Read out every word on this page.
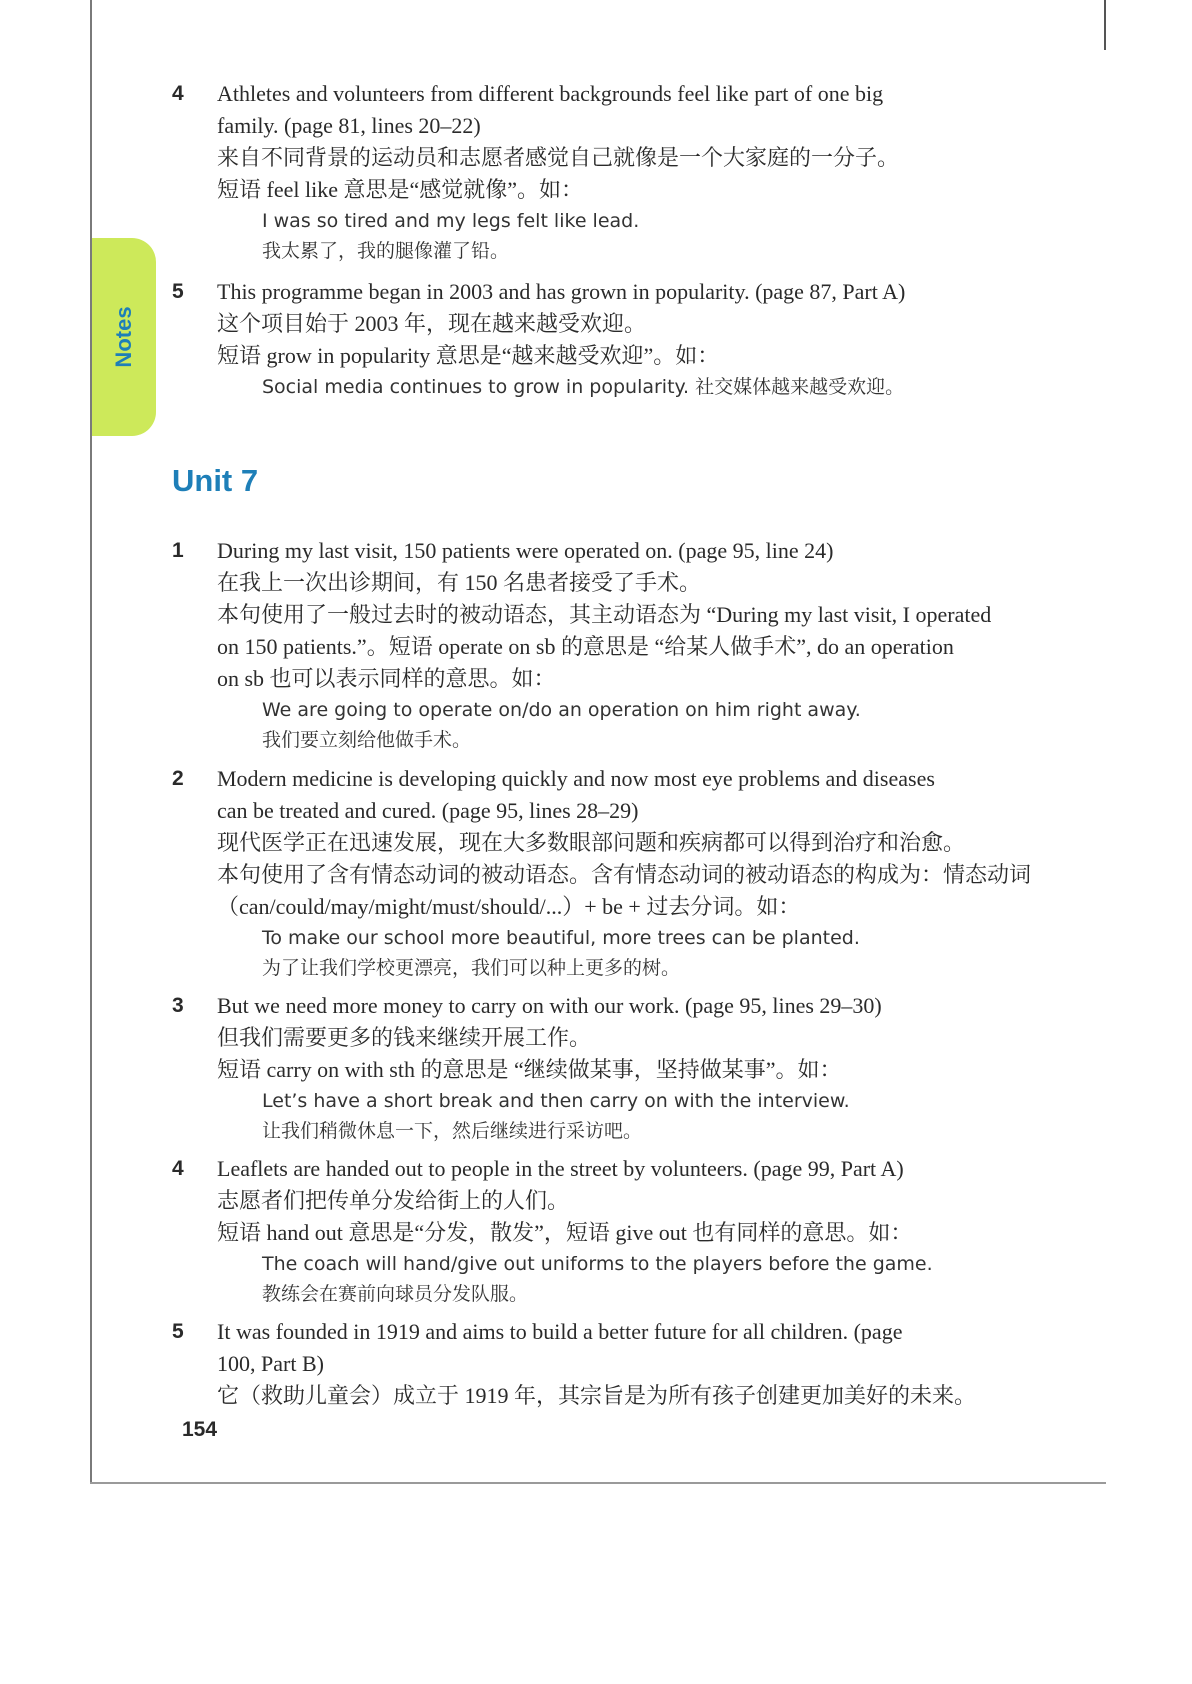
Notes
4	Athletes and volunteers from different backgrounds feel like part of one big
family. (page 81, lines 20–22)
来自不同背景的运动员和志愿者感觉自己就像是一个大家庭的一分子。
短语 feel like 意思是“感觉就像”。如：
I was so tired and my legs felt like lead.
我太累了，我的腿像灌了铅。
5	This programme began in 2003 and has grown in popularity. (page 87, Part A)
这个项目始于 2003 年，现在越来越受欢迎。
短语 grow in popularity 意思是“越来越受欢迎”。如：
Social media continues to grow in popularity. 社交媒体越来越受欢迎。
Unit 7
1	During my last visit, 150 patients were operated on. (page 95, line 24)
在我上一次出诊期间，有 150 名患者接受了手术。
本句使用了一般过去时的被动语态，其主动语态为 “During my last visit, I operated
on 150 patients.”。短语 operate on sb 的意思是 “给某人做手术”, do an operation
on sb 也可以表示同样的意思。如：
We are going to operate on/do an operation on him right away.
我们要立刻给他做手术。
2	Modern medicine is developing quickly and now most eye problems and diseases
can be treated and cured. (page 95, lines 28–29)
现代医学正在迅速发展，现在大多数眼部问题和疾病都可以得到治疗和治愈。
本句使用了含有情态动词的被动语态。含有情态动词的被动语态的构成为：情态动词
（can/could/may/might/must/should/...）+ be + 过去分词。如：
To make our school more beautiful, more trees can be planted.
为了让我们学校更漂亮，我们可以种上更多的树。
3	But we need more money to carry on with our work. (page 95, lines 29–30)
但我们需要更多的钱来继续开展工作。
短语 carry on with sth 的意思是 “继续做某事，坚持做某事”。如：
Let’s have a short break and then carry on with the interview.
让我们稍微休息一下，然后继续进行采访吧。
4	Leaflets are handed out to people in the street by volunteers. (page 99, Part A)
志愿者们把传单分发给街上的人们。
短语 hand out 意思是“分发，散发”，短语 give out 也有同样的意思。如：
The coach will hand/give out uniforms to the players before the game.
教练会在赛前向球员分发队服。
5	It was founded in 1919 and aims to build a better future for all children. (page
100, Part B)
它（救助儿童会）成立于 1919 年，其宗旨是为所有孩子创建更加美好的未来。
154
